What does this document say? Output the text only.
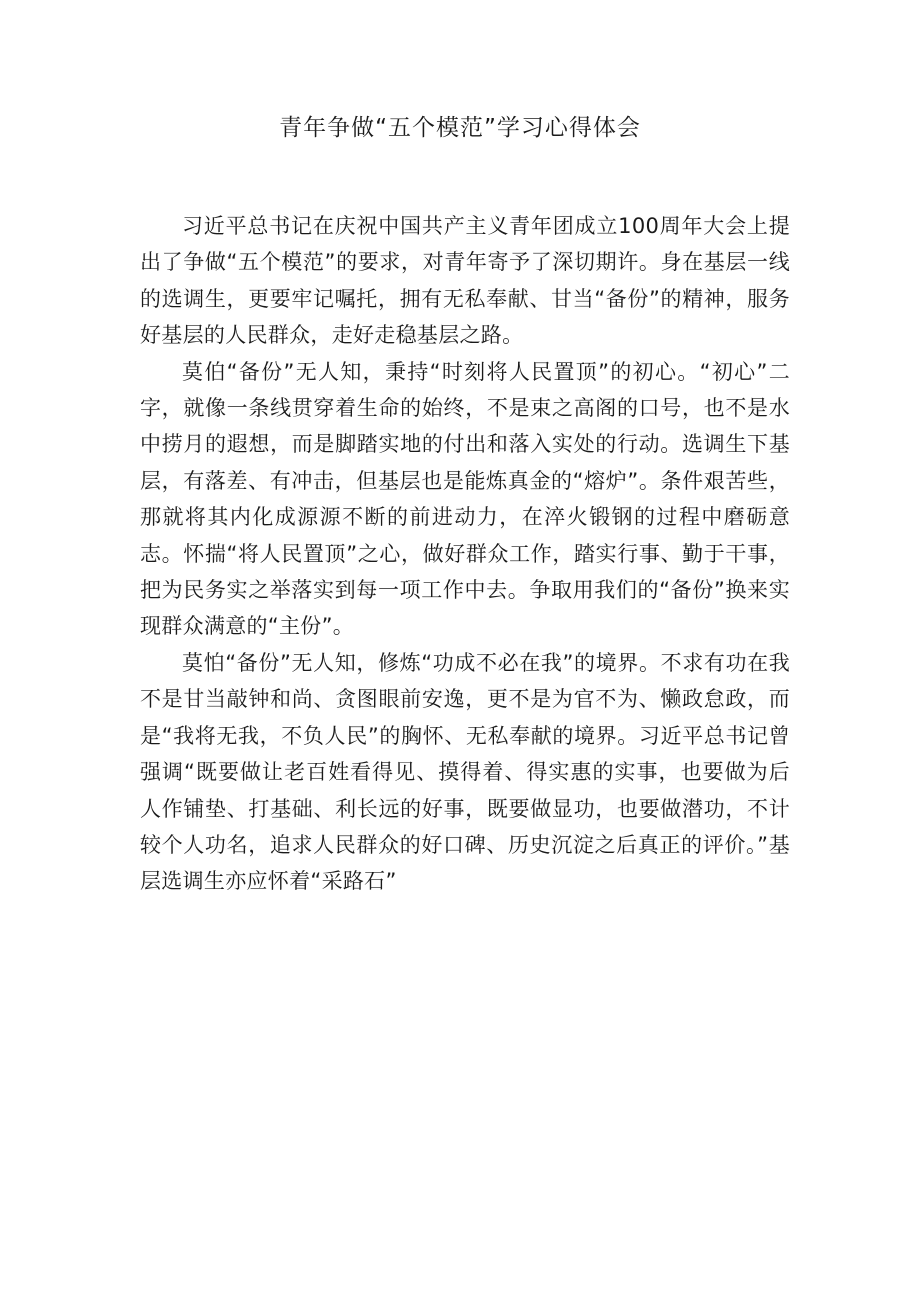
青年争做“五个模范”学习心得体会

习近平总书记在庆祝中国共产主义青年团成立100周年大会上提出了争做“五个模范”的要求，对青年寄予了深切期许。身在基层一线的选调生，更要牢记嘱托，拥有无私奉献、甘当“备份”的精神，服务好基层的人民群众，走好走稳基层之路。

莫伯“备份”无人知，秉持“时刻将人民置顶”的初心。“初心”二字，就像一条线贯穿着生命的始终，不是束之高阁的口号，也不是水中捞月的遐想，而是脚踏实地的付出和落入实处的行动。选调生下基层，有落差、有冲击，但基层也是能炼真金的“熔炉”。条件艰苦些，那就将其内化成源源不断的前进动力，在淬火锻钢的过程中磨砺意志。怀揣“将人民置顶”之心，做好群众工作，踏实行事、勤于干事，把为民务实之举落实到每一项工作中去。争取用我们的“备份”换来实现群众满意的“主份”。

莫怕“备份”无人知，修炼“功成不必在我”的境界。不求有功在我不是甘当敲钟和尚、贪图眼前安逸，更不是为官不为、懒政怠政，而是“我将无我，不负人民”的胸怀、无私奉献的境界。习近平总书记曾强调“既要做让老百姓看得见、摸得着、得实惠的实事，也要做为后人作铺垫、打基础、利长远的好事，既要做显功，也要做潜功，不计较个人功名，追求人民群众的好口碑、历史沉淀之后真正的评价。”基层选调生亦应怀着“采路石”
